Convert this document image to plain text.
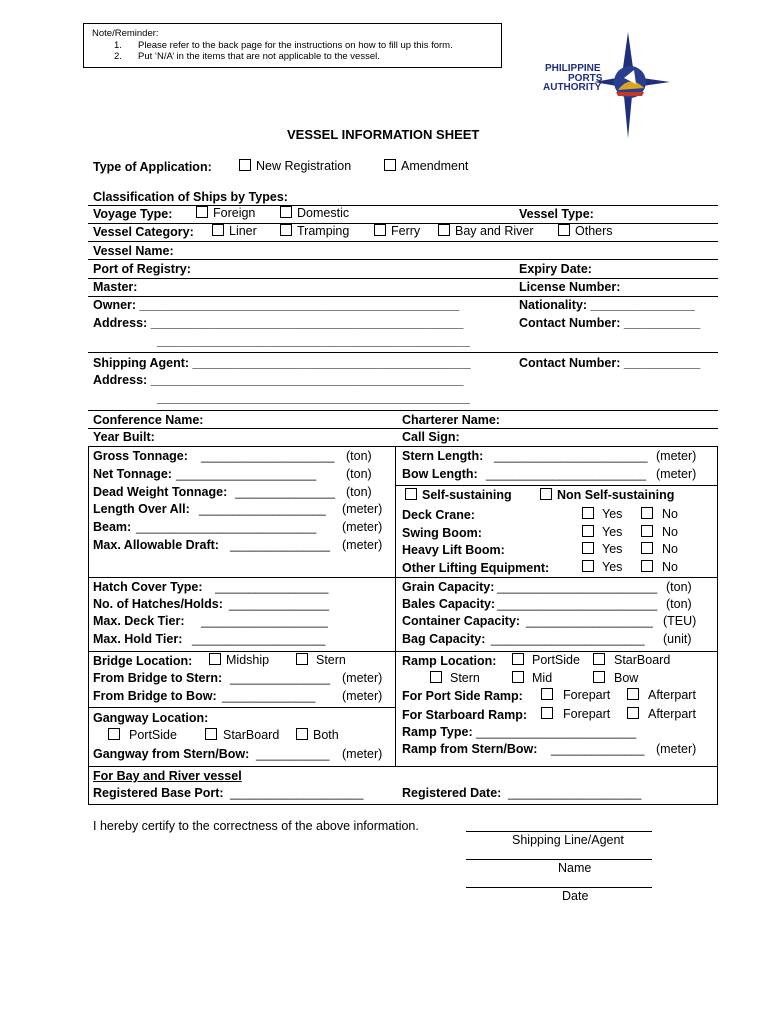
Note/Reminder:
1. Please refer to the back page for the instructions on how to fill up this form.
2. Put ‘N/A’ in the items that are not applicable to the vessel.
PHILIPPINE
PORTS
AUTHORITY
VESSEL INFORMATION SHEET
Type of Application:	New Registration	Amendment
Classification of Ships by Types:
Voyage Type:	Foreign	Domestic	Vessel Type:
Vessel Category:	Liner	Tramping	Ferry	Bay and River	Others
Vessel Name:
Port of Registry:	Expiry Date:
Master:	License Number:
Owner: ______________________________________________	Nationality: _______________
Address: _____________________________________________	Contact Number: ___________
_____________________________________________
Shipping Agent: ________________________________________	Contact Number: ___________
Address: _____________________________________________
_____________________________________________
Conference Name:	Charterer Name:
Year Built:	Call Sign:
Gross Tonnage: ____________________ (ton)
Net Tonnage: _____________________ (ton)
Dead Weight Tonnage: _______________ (ton)
Length Over All: ___________________ (meter)
Beam: ___________________________ (meter)
Max. Allowable Draft: _______________ (meter)
Stern Length: _______________________ (meter)
Bow Length: ________________________ (meter)
Self-sustaining	Non Self-sustaining
Deck Crane:	Yes	No
Swing Boom:	Yes	No
Heavy Lift Boom:	Yes	No
Other Lifting Equipment:	Yes	No
Hatch Cover Type: _________________
No. of Hatches/Holds: _______________
Max. Deck Tier: ___________________
Max. Hold Tier: ____________________
Grain Capacity: ________________________ (ton)
Bales Capacity: ________________________ (ton)
Container Capacity: ___________________ (TEU)
Bag Capacity: _______________________ (unit)
Bridge Location:	Midship	Stern
From Bridge to Stern: _______________ (meter)
From Bridge to Bow: ______________ (meter)
Gangway Location:
PortSide	StarBoard	Both
Gangway from Stern/Bow: ___________ (meter)
Ramp Location:	PortSide	StarBoard
Stern	Mid	Bow
For Port Side Ramp:	Forepart	Afterpart
For Starboard Ramp:	Forepart	Afterpart
Ramp Type: ________________________
Ramp from Stern/Bow: ______________ (meter)
For Bay and River vessel
Registered Base Port: ____________________	Registered Date: ____________________
I hereby certify to the correctness of the above information.
Shipping Line/Agent
Name
Date
